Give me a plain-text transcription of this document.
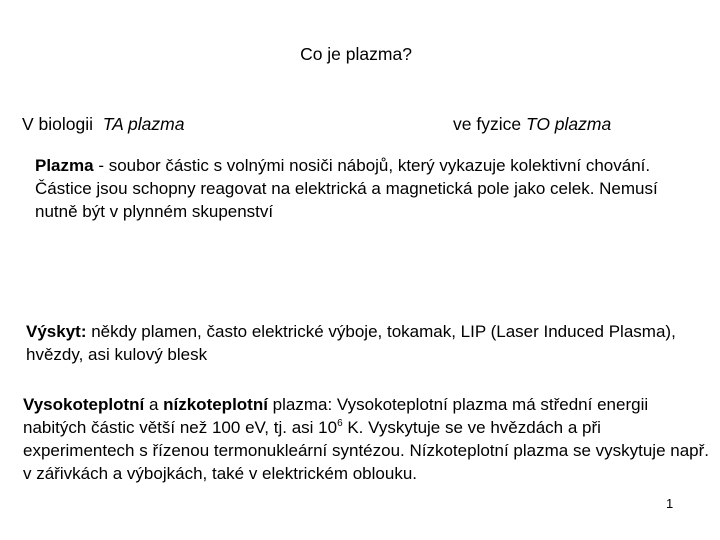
Co je plazma?
V biologii TA plazma	ve fyzice TO plazma
Plazma - soubor částic s volnými nosiči nábojů, který vykazuje kolektivní chování. Částice jsou schopny reagovat na elektrická a magnetická pole jako celek. Nemusí nutně být v plynném skupenství
Výskyt: někdy plamen, často elektrické výboje, tokamak, LIP (Laser Induced Plasma), hvězdy, asi kulový blesk
Vysokoteplotní a nízkoteplotní plazma: Vysokoteplotní plazma má střední energii nabitých částic větší než 100 eV, tj. asi $10^6$ K. Vyskytuje se ve hvězdách a při experimentech s řízenou termonukleární syntézou. Nízkoteplotní plazma se vyskytuje např. v zářivkách a výbojkách, také v elektrickém oblouku.
1
